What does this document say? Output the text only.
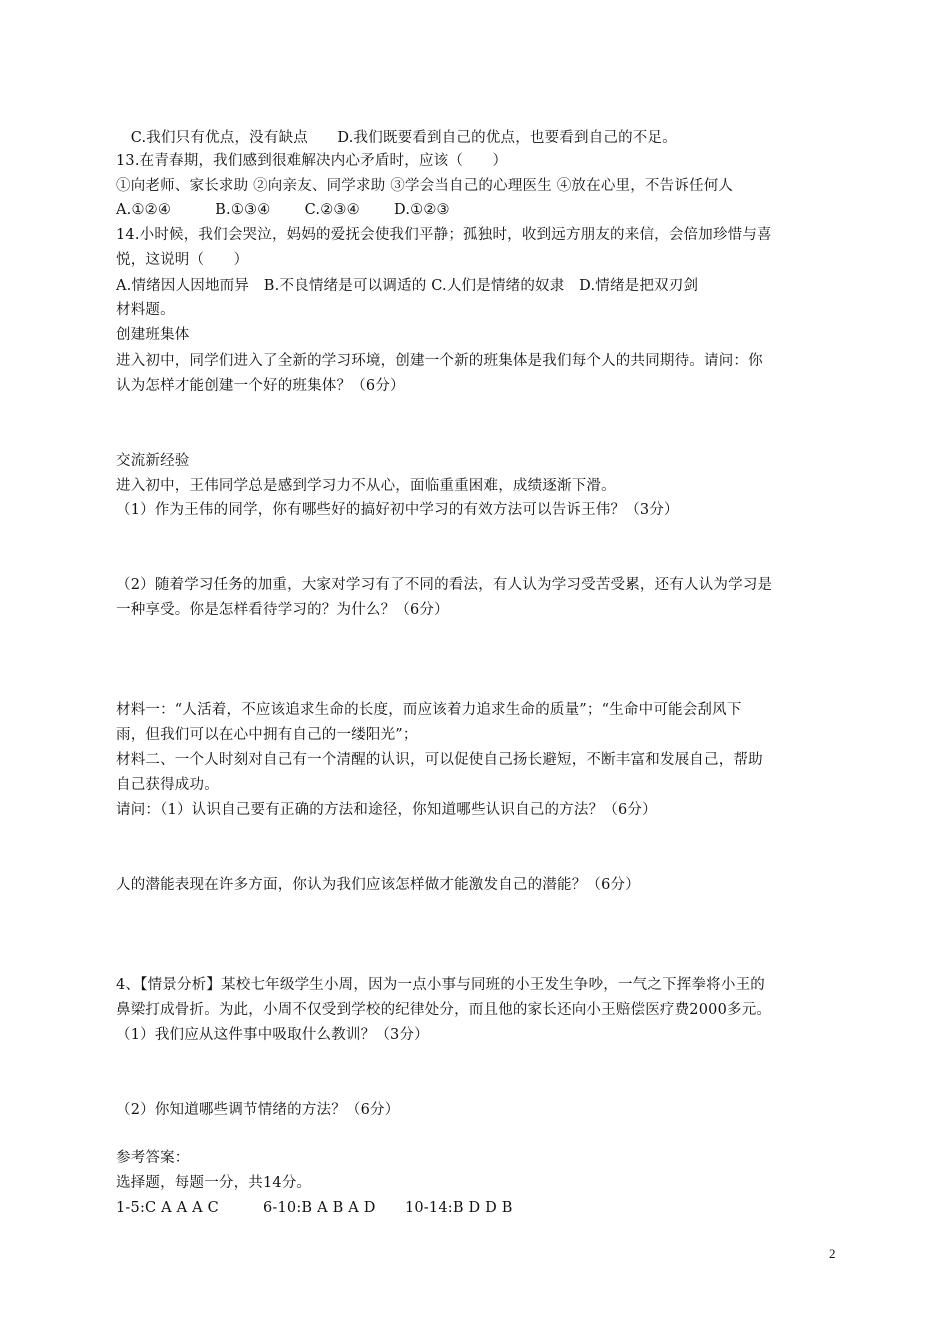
　C.我们只有优点，没有缺点　　D.我们既要看到自己的优点，也要看到自己的不足。
13.在青春期，我们感到很难解决内心矛盾时，应该（　　）
①向老师、家长求助 ②向亲友、同学求助 ③学会当自己的心理医生 ④放在心里，不告诉任何人
A.①②④　　　B.①③④　　 C.②③④　　 D.①②③
14.小时候，我们会哭泣，妈妈的爱抚会使我们平静；孤独时，收到远方朋友的来信，会倍加珍惜与喜
悦，这说明（　　）
A.情绪因人因地而异　B.不良情绪是可以调适的 C.人们是情绪的奴隶　D.情绪是把双刃剑
材料题。
创建班集体
进入初中，同学们进入了全新的学习环境，创建一个新的班集体是我们每个人的共同期待。请问：你
认为怎样才能创建一个好的班集体？（6分）
交流新经验
进入初中，王伟同学总是感到学习力不从心，面临重重困难，成绩逐渐下滑。
（1）作为王伟的同学，你有哪些好的搞好初中学习的有效方法可以告诉王伟？（3分）
（2）随着学习任务的加重，大家对学习有了不同的看法，有人认为学习受苦受累，还有人认为学习是
一种享受。你是怎样看待学习的？为什么？（6分）
材料一：“人活着，不应该追求生命的长度，而应该着力追求生命的质量”；“生命中可能会刮风下
雨，但我们可以在心中拥有自己的一缕阳光”；
材料二、一个人时刻对自己有一个清醒的认识，可以促使自己扬长避短，不断丰富和发展自己，帮助
自己获得成功。
请问：（1）认识自己要有正确的方法和途径，你知道哪些认识自己的方法？（6分）
人的潜能表现在许多方面，你认为我们应该怎样做才能激发自己的潜能？（6分）
4、【情景分析】某校七年级学生小周，因为一点小事与同班的小王发生争吵，一气之下挥拳将小王的
鼻梁打成骨折。为此，小周不仅受到学校的纪律处分，而且他的家长还向小王赔偿医疗费2000多元。
（1）我们应从这件事中吸取什么教训？（3分）
（2）你知道哪些调节情绪的方法？（6分）
参考答案：
选择题，每题一分，共14分。
1-5:C A A A C　　　6-10:B A B A D　　10-14:B D D B
2
